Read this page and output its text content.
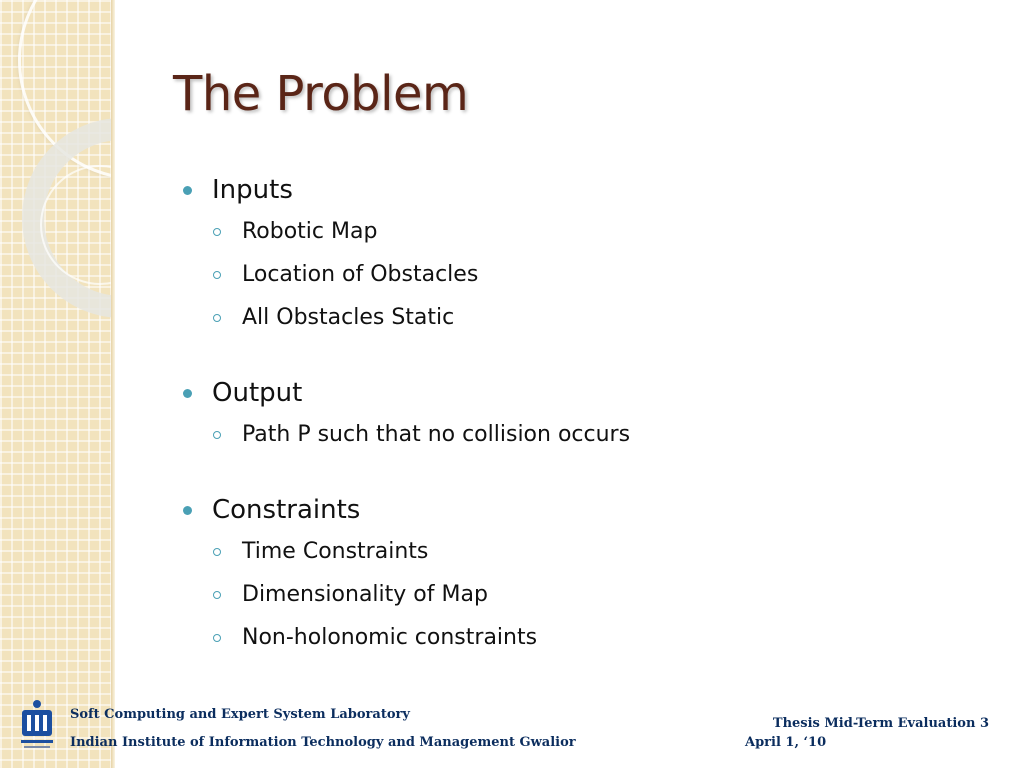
The Problem
Inputs
Robotic Map
Location of Obstacles
All Obstacles Static
Output
Path P such that no collision occurs
Constraints
Time Constraints
Dimensionality of Map
Non-holonomic constraints
Soft Computing and Expert System Laboratory
Indian Institute of Information Technology and Management Gwalior
Thesis Mid-Term Evaluation 3
April 1, ‘10
